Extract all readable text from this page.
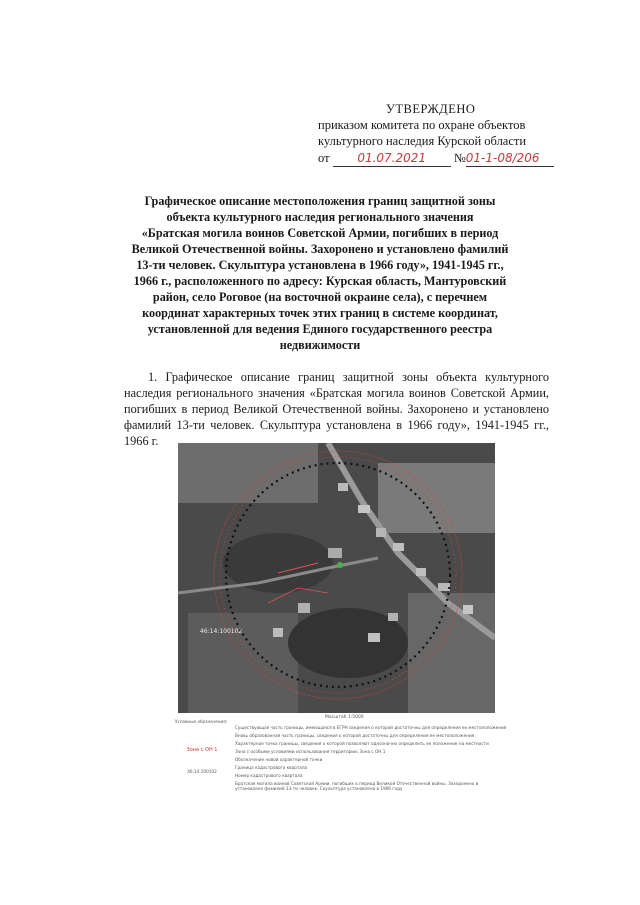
УТВЕРЖДЕНО
приказом комитета по охране объектов
культурного наследия Курской области
от 01.07.2021 №01-1-08/206
Графическое описание местоположения границ защитной зоны
объекта культурного наследия регионального значения
«Братская могила воинов Советской Армии, погибших в период
Великой Отечественной войны. Захоронено и установлено фамилий
13-ти человек. Скульптура установлена в 1966 году», 1941-1945 гг.,
1966 г., расположенного по адресу: Курская область, Мантуровский
район, село Роговое (на восточной окраине села), с перечнем
координат характерных точек этих границ в системе координат,
установленной для ведения Единого государственного реестра
недвижимости
1. Графическое описание границ защитной зоны объекта культурного наследия регионального значения «Братская могила воинов Советской Армии, погибших в период Великой Отечественной войны. Захоронено и установлено фамилий 13-ти человек. Скульптура установлена в 1966 году», 1941-1945 гг., 1966 г.
46:14:100102
Масштаб 1:5000
Условные обозначения:
Существующая часть границы, имеющаяся в ЕГРН сведения о которой достаточны для определения ее местоположения
Вновь образованная часть границы, сведения о которой достаточны для определения ее местоположения
Характерная точка границы, сведения о которой позволяют однозначно определить ее положение на местности
Зона с ОН 1	Зона с особыми условиями использования территории; Зона с ОН 1
Обозначение новой характерной точки
Граница кадастрового квартала
46:14:100102
Номер кадастрового квартала
Братская могила воинов Советской Армии, погибших в период Великой Отечественной войны. Захоронено и установлено фамилий 13-ти человек. Скульптура установлена в 1966 году
